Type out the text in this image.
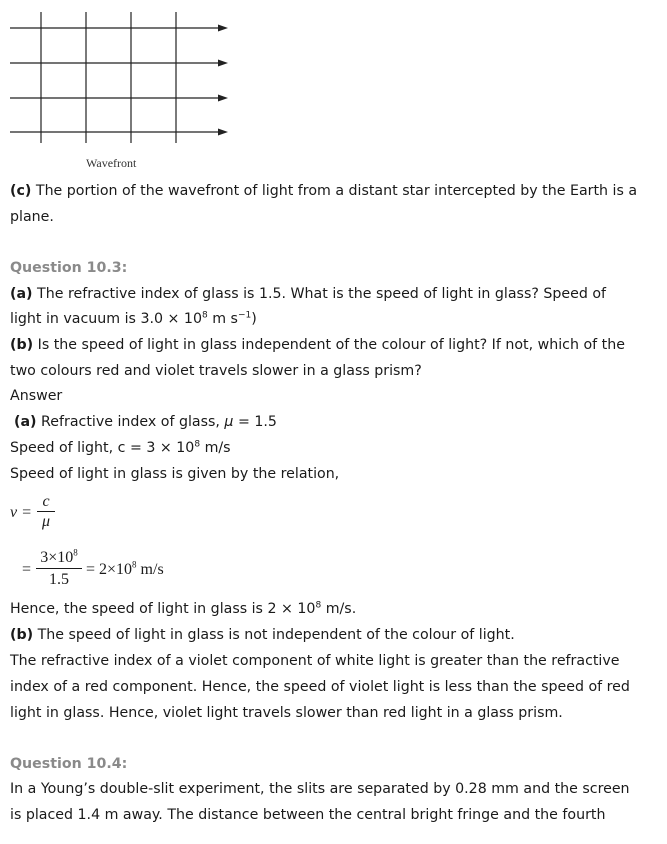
Wavefront
(c) The portion of the wavefront of light from a distant star intercepted by the Earth is a
plane.
Question 10.3:
(a) The refractive index of glass is 1.5. What is the speed of light in glass? Speed of
light in vacuum is $3.0 \times 10^8$ m $s^{-1}$)
(b) Is the speed of light in glass independent of the colour of light? If not, which of the
two colours red and violet travels slower in a glass prism?
Answer
(a) Refractive index of glass, μ = 1.5
Speed of light, $c = 3 \times 10^8$ m/s
Speed of light in glass is given by the relation,
$v = \frac{c}{\mu}$
= $\frac{3\times 10^8}{1.5} = 2\times 10^8$ m/s
Hence, the speed of light in glass is $2 \times 10^8$ m/s.
(b) The speed of light in glass is not independent of the colour of light.
The refractive index of a violet component of white light is greater than the refractive
index of a red component. Hence, the speed of violet light is less than the speed of red
light in glass. Hence, violet light travels slower than red light in a glass prism.
Question 10.4:
In a Young’s double-slit experiment, the slits are separated by 0.28 mm and the screen
is placed 1.4 m away. The distance between the central bright fringe and the fourth
